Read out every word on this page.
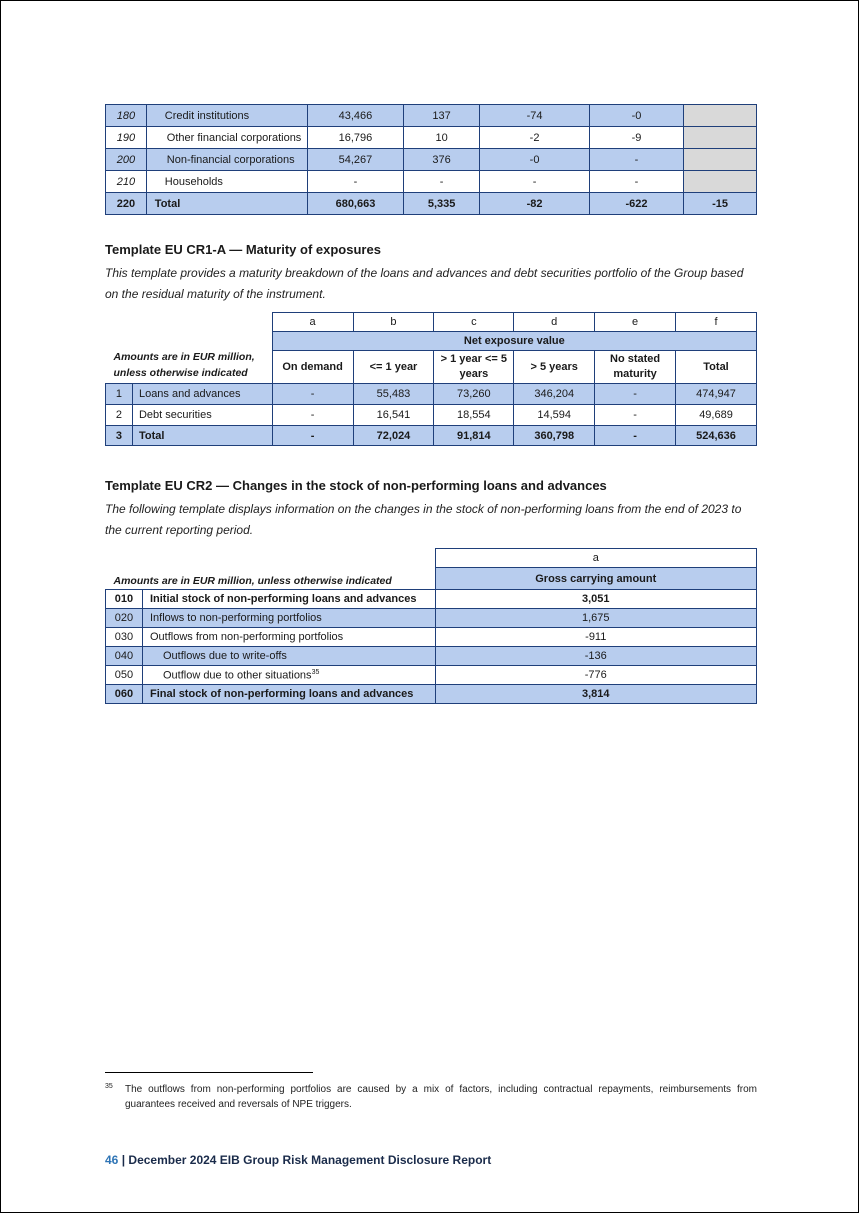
180	Credit institutions	43,466	137	-74	-0	
190	Other financial corporations	16,796	10	-2	-9	
200	Non-financial corporations	54,267	376	-0	-	
210	Households	-	-	-	-	
220	Total	680,663	5,335	-82	-622	-15
Template EU CR1-A — Maturity of exposures

This template provides a maturity breakdown of the loans and advances and debt securities portfolio of the Group based on the residual maturity of the instrument.

Amounts are in EUR million, unless otherwise indicated		a	b	c	d	e	f
		Net exposure value					
		On demand	<= 1 year	> 1 year <= 5 years	> 5 years	No stated maturity	Total
1	Loans and advances	-	55,483	73,260	346,204	-	474,947
2	Debt securities	-	16,541	18,554	14,594	-	49,689
3	Total	-	72,024	91,814	360,798	-	524,636
Template EU CR2 — Changes in the stock of non-performing loans and advances

The following template displays information on the changes in the stock of non-performing loans from the end of 2023 to the current reporting period.

Amounts are in EUR million, unless otherwise indicated		a
		Gross carrying amount
010	Initial stock of non-performing loans and advances	3,051
020	Inflows to non-performing portfolios	1,675
030	Outflows from non-performing portfolios	-911
040	Outflows due to write-offs	-136
050	Outflow due to other situations$^{35}$	-776
060	Final stock of non-performing loans and advances	3,814
35 The outflows from non-performing portfolios are caused by a mix of factors, including contractual repayments, reimbursements from guarantees received and reversals of NPE triggers.
46 | December 2024 EIB Group Risk Management Disclosure Report
